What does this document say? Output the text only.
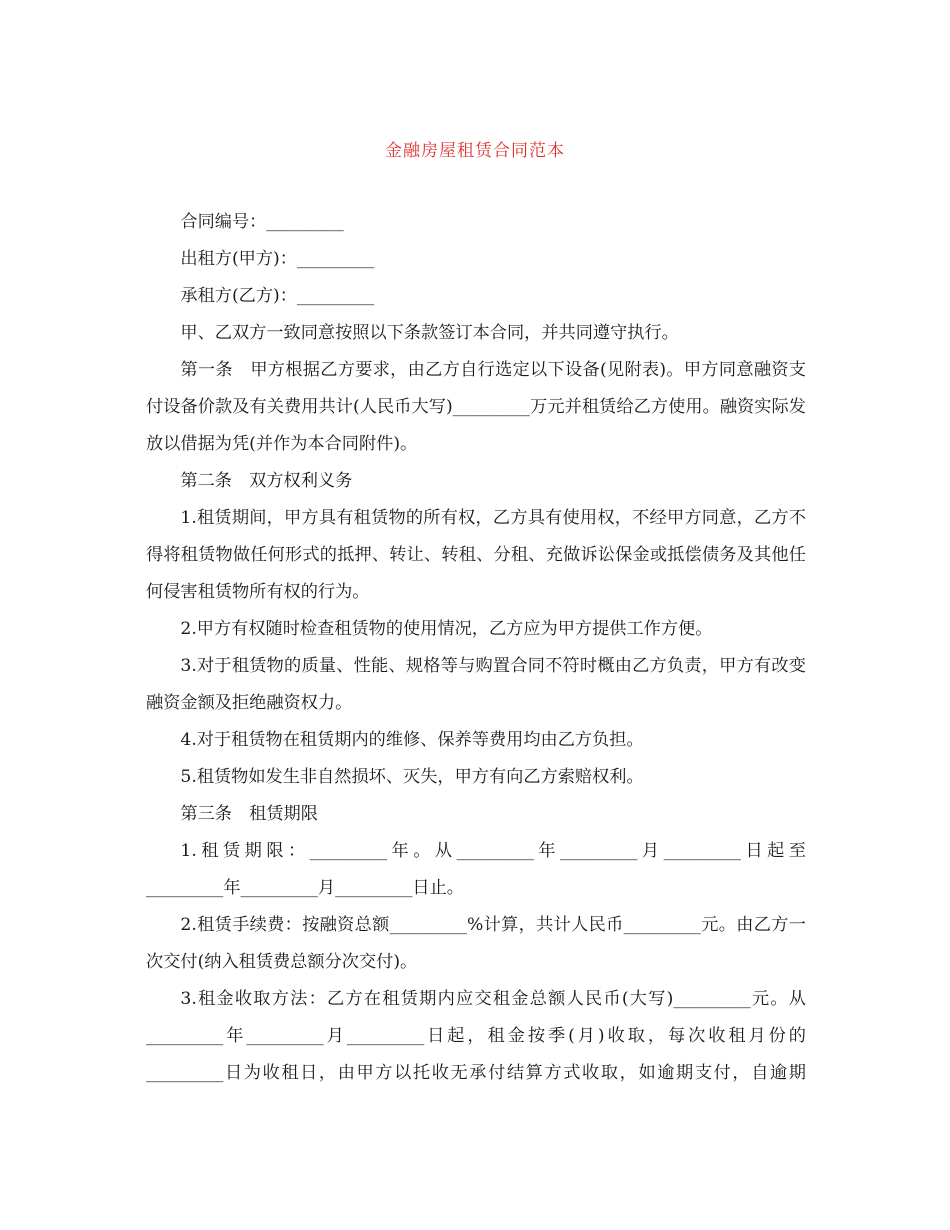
金融房屋租赁合同范本

合同编号：_________

出租方(甲方)：_________

承租方(乙方)：_________

甲、乙双方一致同意按照以下条款签订本合同，并共同遵守执行。

第一条　甲方根据乙方要求，由乙方自行选定以下设备(见附表)。甲方同意融资支付设备价款及有关费用共计(人民币大写)_________万元并租赁给乙方使用。融资实际发放以借据为凭(并作为本合同附件)。

第二条　双方权利义务

1.租赁期间，甲方具有租赁物的所有权，乙方具有使用权，不经甲方同意，乙方不得将租赁物做任何形式的抵押、转让、转租、分租、充做诉讼保金或抵偿债务及其他任何侵害租赁物所有权的行为。

2.甲方有权随时检查租赁物的使用情况，乙方应为甲方提供工作方便。

3.对于租赁物的质量、性能、规格等与购置合同不符时概由乙方负责，甲方有改变融资金额及拒绝融资权力。

4.对于租赁物在租赁期内的维修、保养等费用均由乙方负担。

5.租赁物如发生非自然损坏、灭失，甲方有向乙方索赔权利。

第三条　租赁期限

1.租赁期限：_________年。从_________年_________月_________日起至_________年_________月_________日止。

2.租赁手续费：按融资总额_________%计算，共计人民币_________元。由乙方一次交付(纳入租赁费总额分次交付)。

3.租金收取方法：乙方在租赁期内应交租金总额人民币(大写)_________元。从_________年_________月_________日起，租金按季(月)收取，每次收租月份的_________日为收租日，由甲方以托收无承付结算方式收取，如逾期支付，自逾期
